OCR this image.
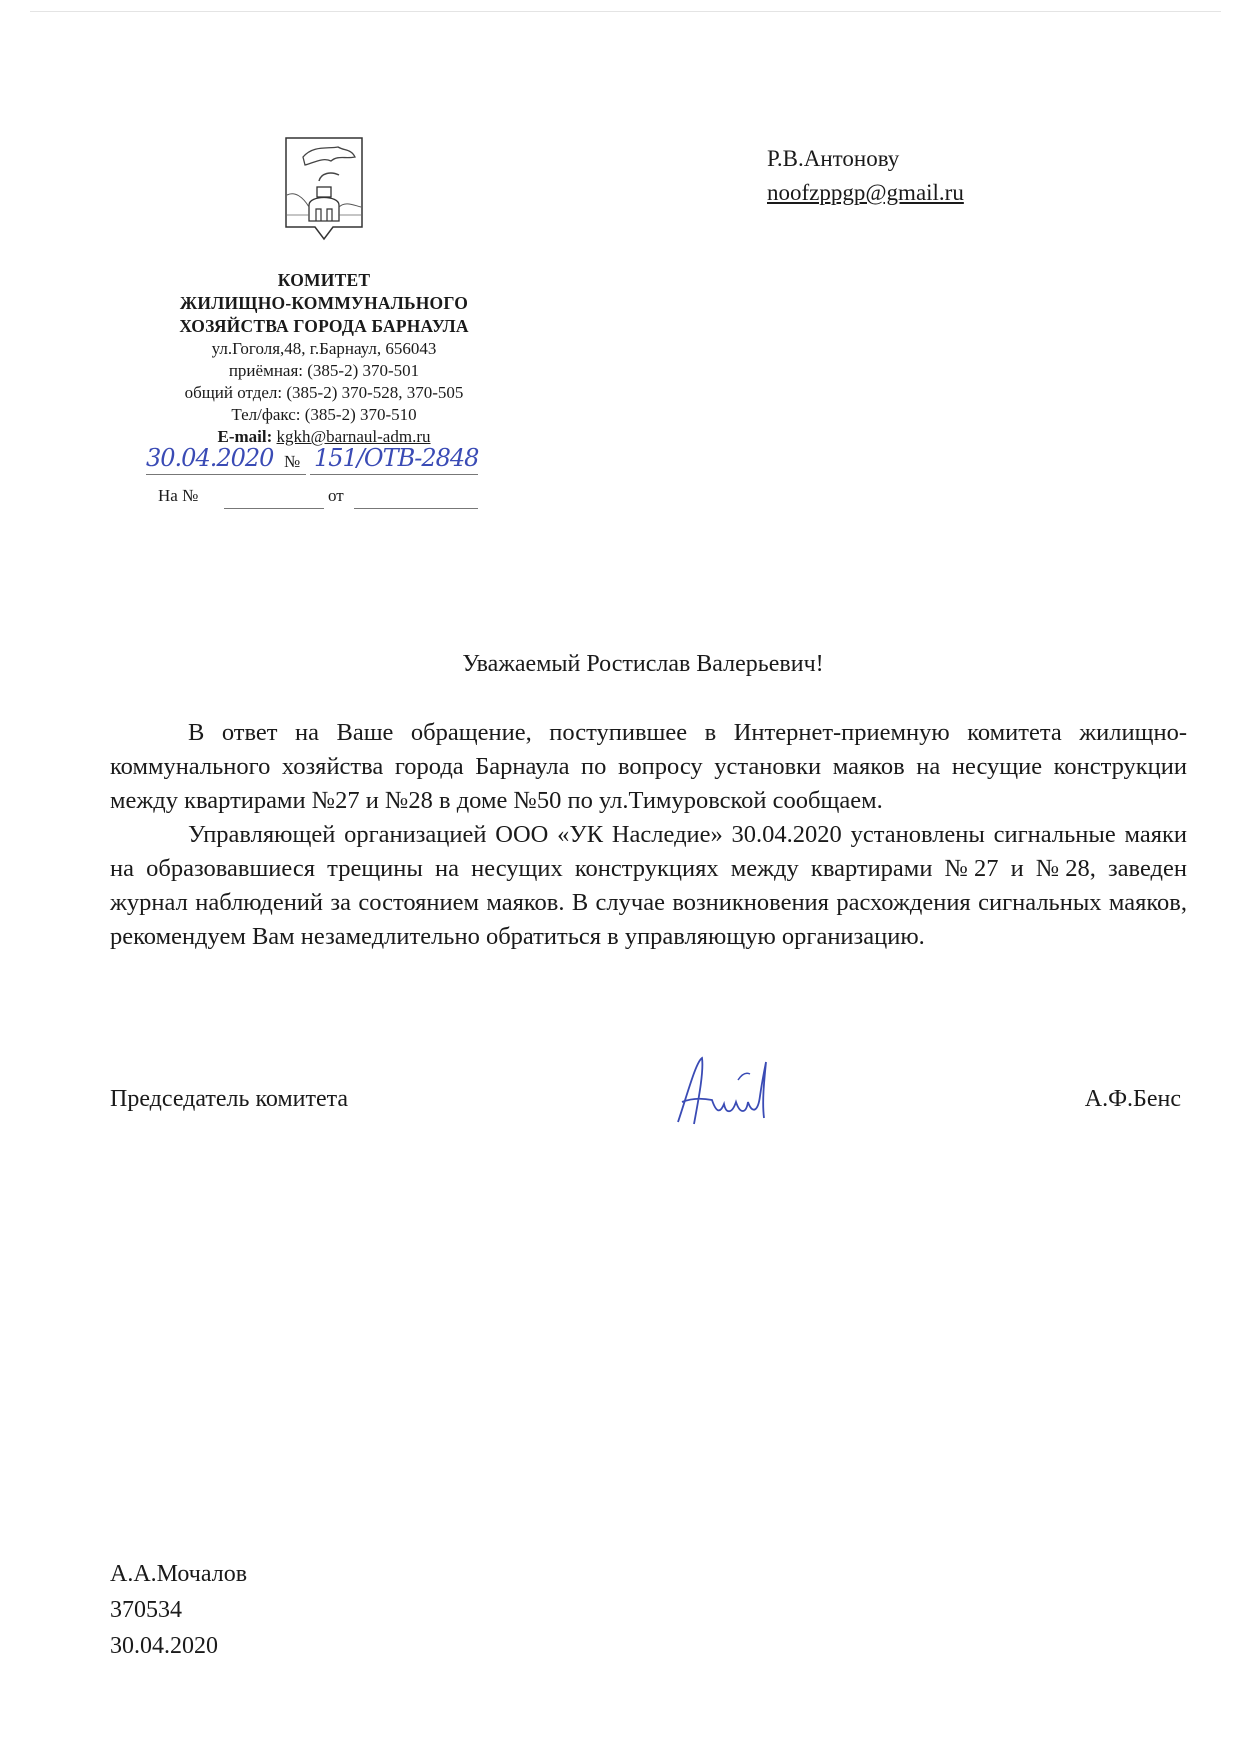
КОМИТЕТ
ЖИЛИЩНО-КОММУНАЛЬНОГО
ХОЗЯЙСТВА ГОРОДА БАРНАУЛА
ул.Гоголя,48, г.Барнаул, 656043
приёмная: (385-2) 370-501
общий отдел: (385-2) 370-528, 370-505
Тел/факс: (385-2) 370-510
E-mail: kgkh@barnaul-adm.ru
30.04.2020 № 151/ОТВ-2848
На №	от
Р.В.Антонову
noofzppgp@gmail.ru
Уважаемый Ростислав Валерьевич!

В ответ на Ваше обращение, поступившее в Интернет-приемную комитета жилищно-коммунального хозяйства города Барнаула по вопросу установки маяков на несущие конструкции между квартирами №27 и №28 в доме №50 по ул.Тимуровской сообщаем.

Управляющей организацией ООО «УК Наследие» 30.04.2020 установлены сигнальные маяки на образовавшиеся трещины на несущих конструкциях между квартирами №27 и №28, заведен журнал наблюдений за состоянием маяков. В случае возникновения расхождения сигнальных маяков, рекомендуем Вам незамедлительно обратиться в управляющую организацию.

Председатель комитета	А.Ф.Бенс
А.А.Мочалов
370534
30.04.2020
